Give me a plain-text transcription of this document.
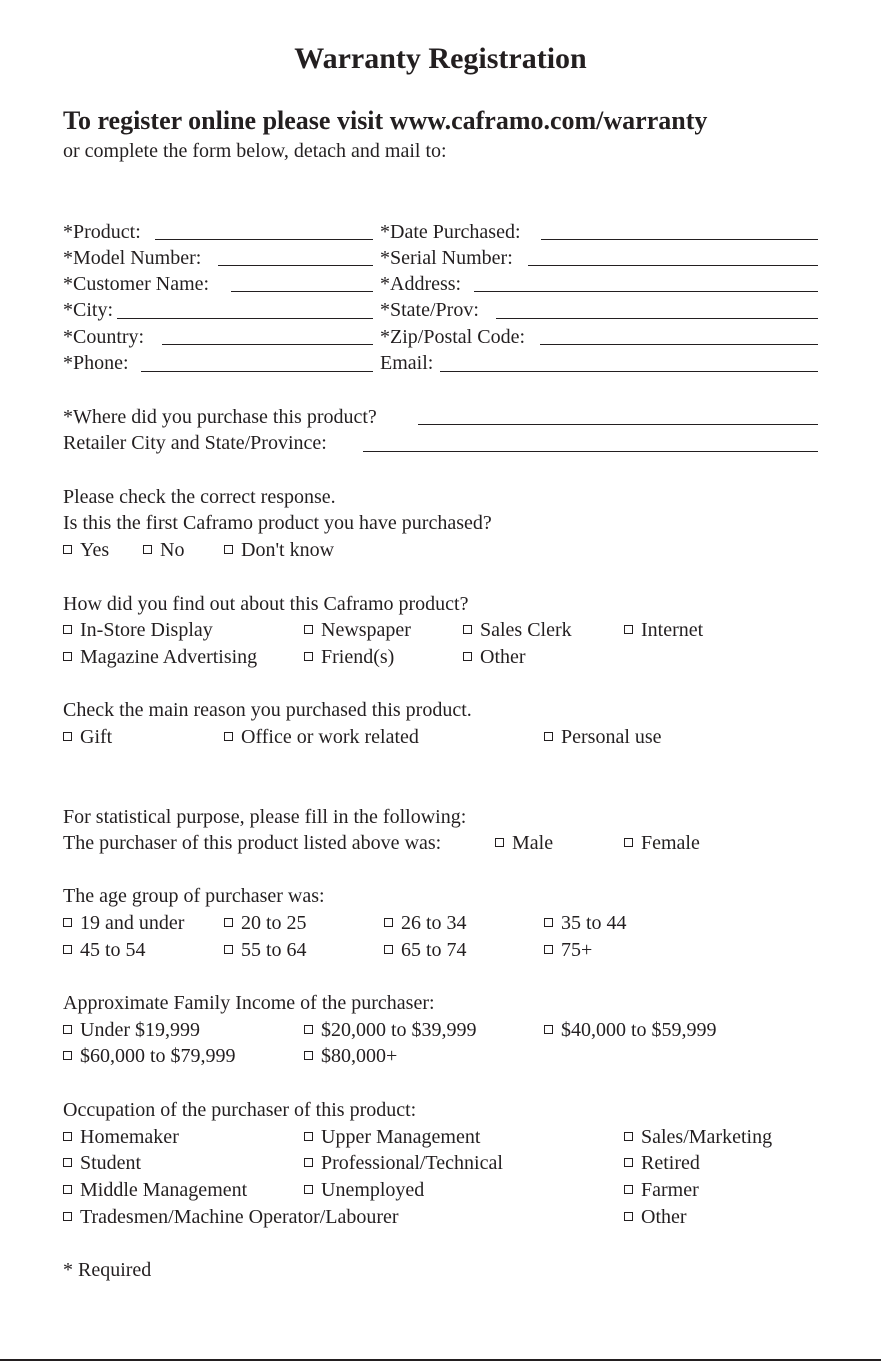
Warranty Registration
To register online please visit www.caframo.com/warranty
or complete the form below, detach and mail to:
*Product:	*Date Purchased:
*Model Number:	*Serial Number:
*Customer Name:	*Address:
*City:	*State/Prov:
*Country:	*Zip/Postal Code:
*Phone:	Email:
*Where did you purchase this product?
Retailer City and State/Province:
Please check the correct response.
Is this the first Caframo product you have purchased?
Yes	No	Don't know
How did you find out about this Caframo product?
In-Store Display	Newspaper	Sales Clerk	Internet
Magazine Advertising	Friend(s)	Other
Check the main reason you purchased this product.
Gift	Office or work related	Personal use
For statistical purpose, please fill in the following:
The purchaser of this product listed above was:	Male	Female
The age group of purchaser was:
19 and under	20 to 25	26 to 34	35 to 44
45 to 54	55 to 64	65 to 74	75+
Approximate Family Income of the purchaser:
Under $19,999	$20,000 to $39,999	$40,000 to $59,999
$60,000 to $79,999	$80,000+
Occupation of the purchaser of this product:
Homemaker	Upper Management	Sales/Marketing
Student	Professional/Technical	Retired
Middle Management	Unemployed	Farmer
Tradesmen/Machine Operator/Labourer	Other
* Required
